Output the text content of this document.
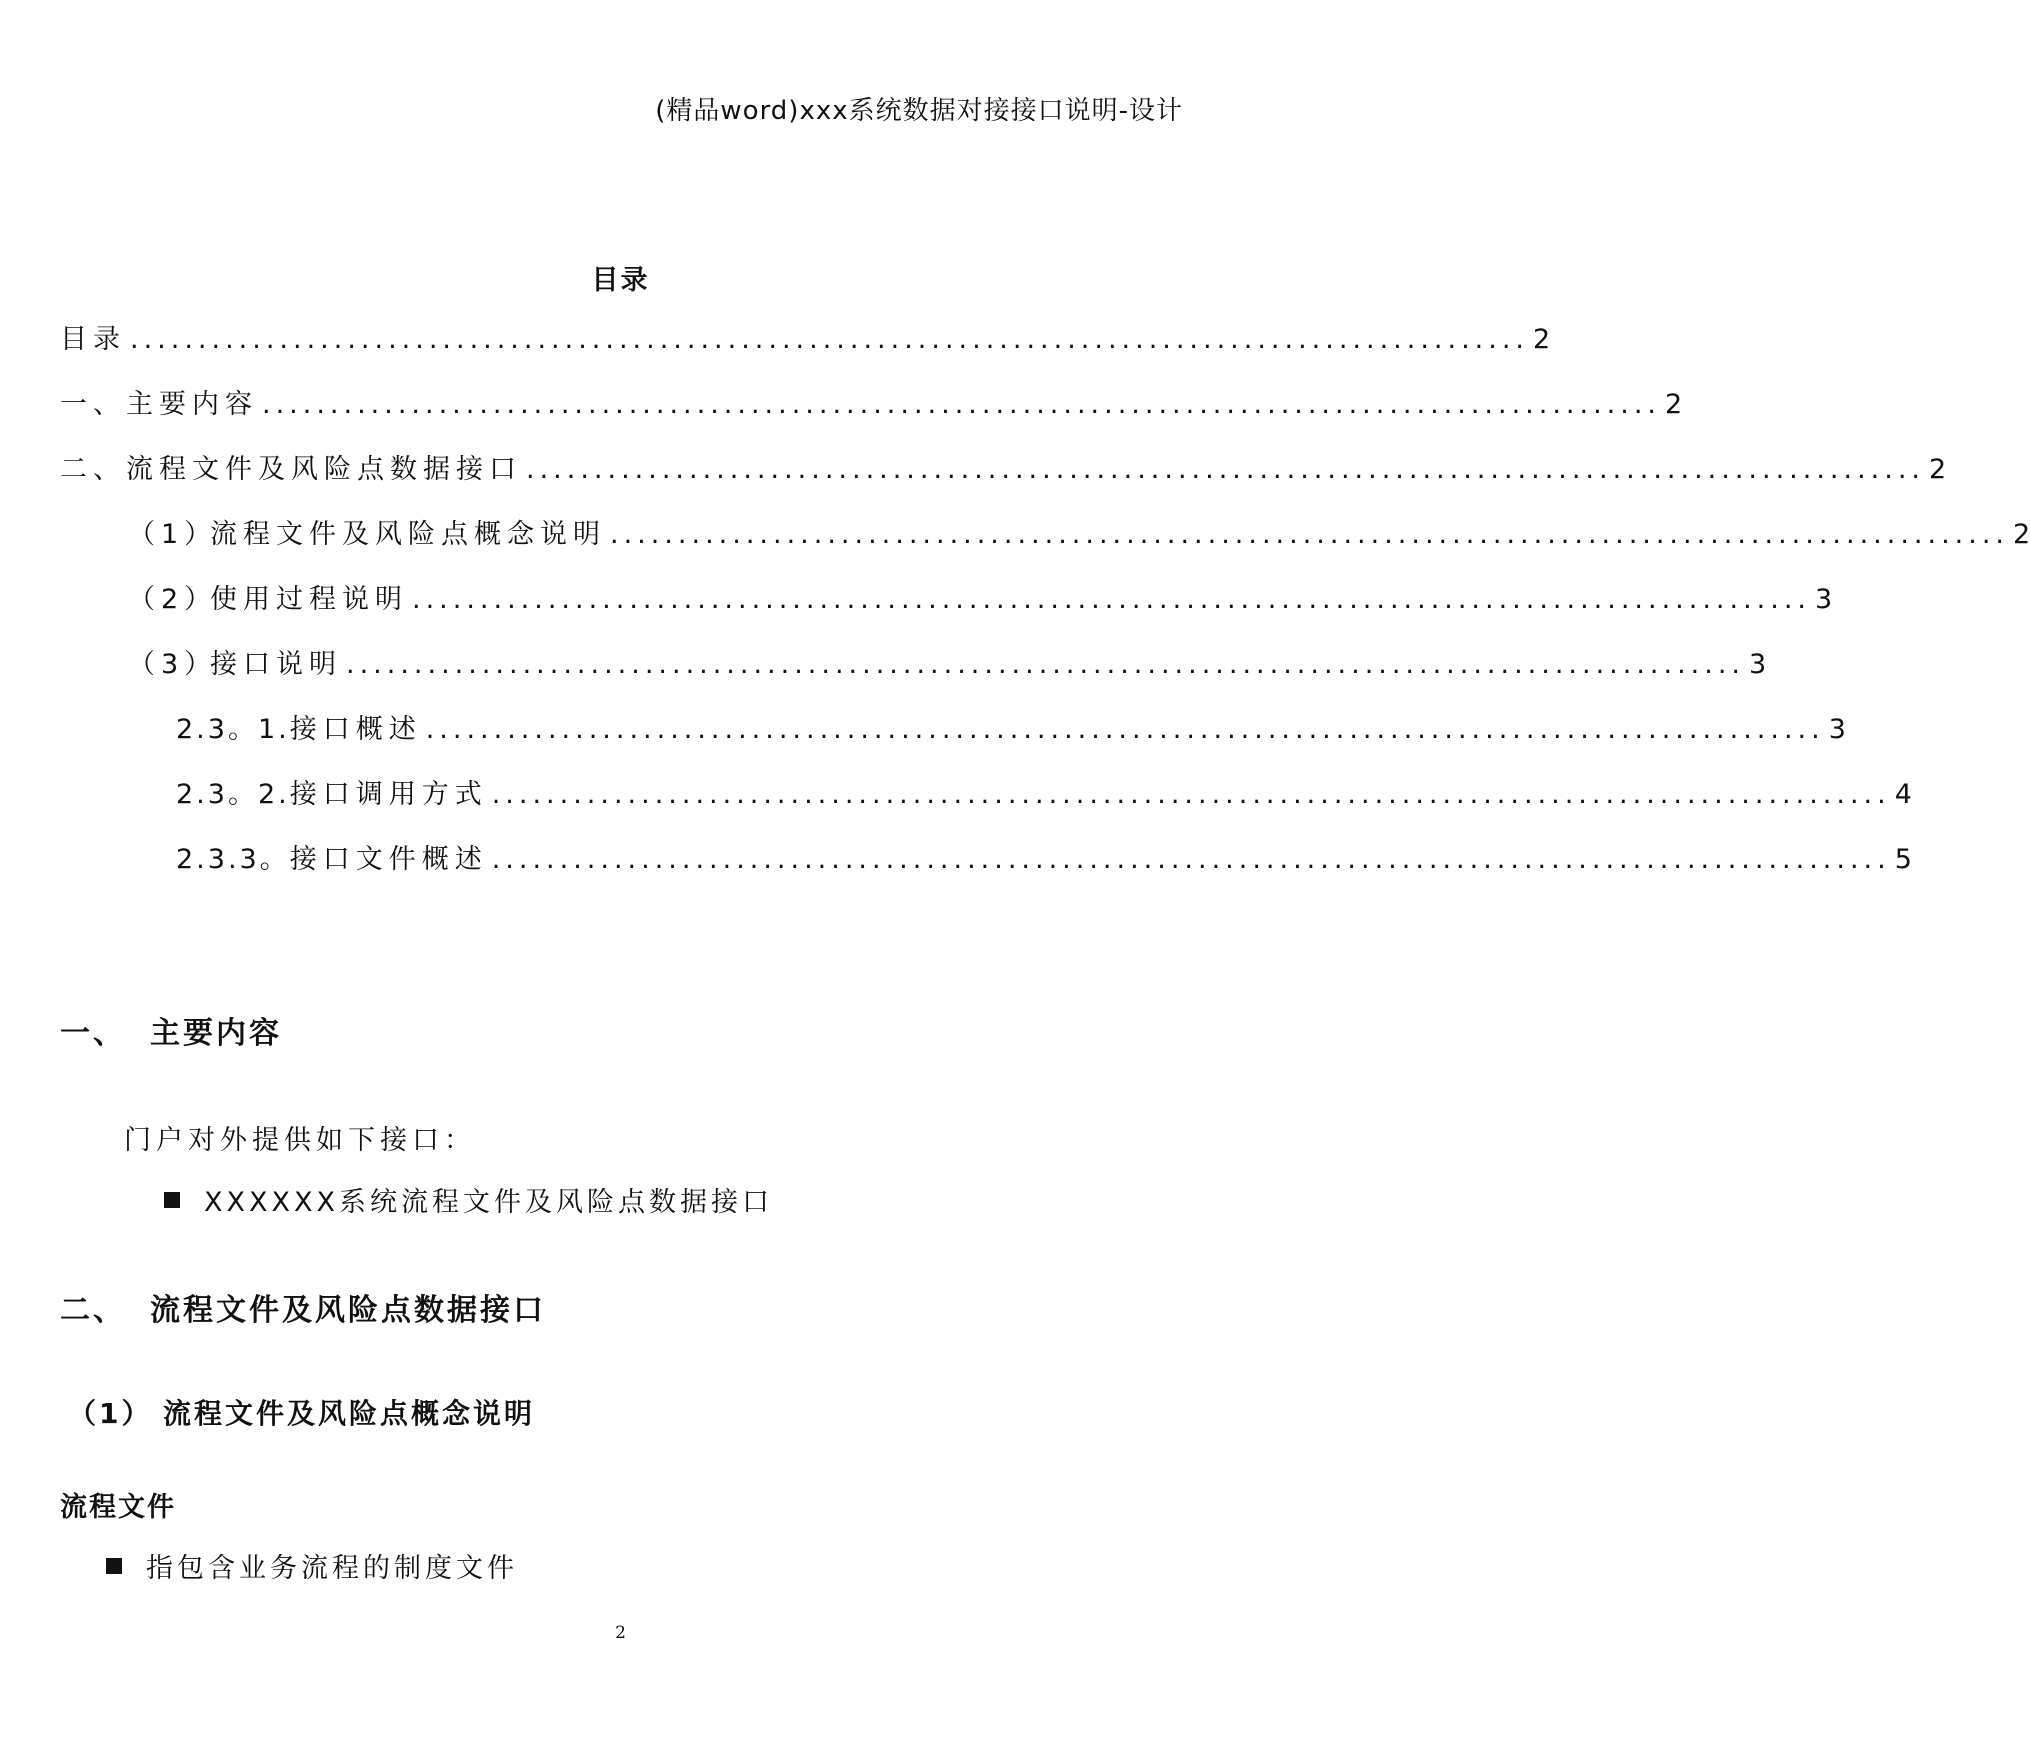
(精品word)xxx系统数据对接接口说明-设计
目录
目录 ....................................................................................................... 2
一、 主要内容 ....................................................................................................... 2
二、 流程文件及风险点数据接口 ....................................................................................................... 2
（1）
流程文件及风险点概念说明 ....................................................................................................... 2
（2）
使用过程说明 ....................................................................................................... 3
（3）
接口说明 ....................................................................................................... 3
2.3。1. 接口概述 ....................................................................................................... 3
2.3。2. 接口调用方式 ....................................................................................................... 4
2.3.3。 接口文件概述 ....................................................................................................... 5
一、 主要内容
门户对外提供如下接口：
XXXXXX系统流程文件及风险点数据接口
二、 流程文件及风险点数据接口
（1） 流程文件及风险点概念说明
流程文件
指包含业务流程的制度文件
2
